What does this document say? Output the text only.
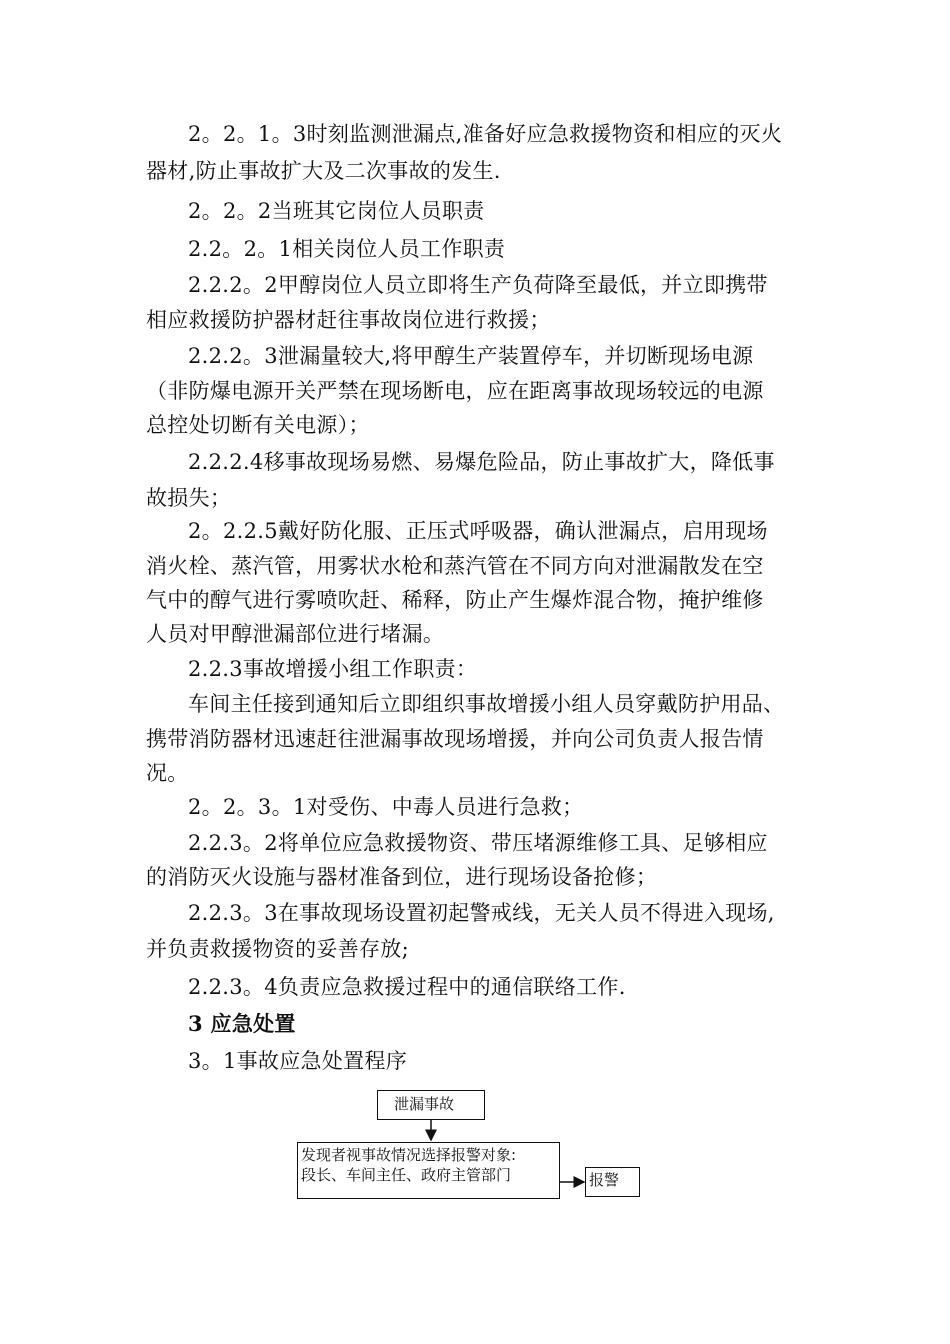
2。2。1。3时刻监测泄漏点,准备好应急救援物资和相应的灭火
器材,防止事故扩大及二次事故的发生.
2。2。2当班其它岗位人员职责
2.2。2。1相关岗位人员工作职责
2.2.2。2甲醇岗位人员立即将生产负荷降至最低，并立即携带
相应救援防护器材赶往事故岗位进行救援；
2.2.2。3泄漏量较大,将甲醇生产装置停车，并切断现场电源
（非防爆电源开关严禁在现场断电，应在距离事故现场较远的电源
总控处切断有关电源）；
2.2.2.4移事故现场易燃、易爆危险品，防止事故扩大，降低事
故损失；
2。2.2.5戴好防化服、正压式呼吸器，确认泄漏点，启用现场
消火栓、蒸汽管，用雾状水枪和蒸汽管在不同方向对泄漏散发在空
气中的醇气进行雾喷吹赶、稀释，防止产生爆炸混合物，掩护维修
人员对甲醇泄漏部位进行堵漏。
2.2.3事故增援小组工作职责：
车间主任接到通知后立即组织事故增援小组人员穿戴防护用品、
携带消防器材迅速赶往泄漏事故现场增援，并向公司负责人报告情
况。
2。2。3。1对受伤、中毒人员进行急救；
2.2.3。2将单位应急救援物资、带压堵源维修工具、足够相应
的消防灭火设施与器材准备到位，进行现场设备抢修；
2.2.3。3在事故现场设置初起警戒线，无关人员不得进入现场,
并负责救援物资的妥善存放;
2.2.3。4负责应急救援过程中的通信联络工作.
3 应急处置
3。1事故应急处置程序
泄漏事故
发现者视事故情况选择报警对象:
段长、车间主任、政府主管部门	报警
